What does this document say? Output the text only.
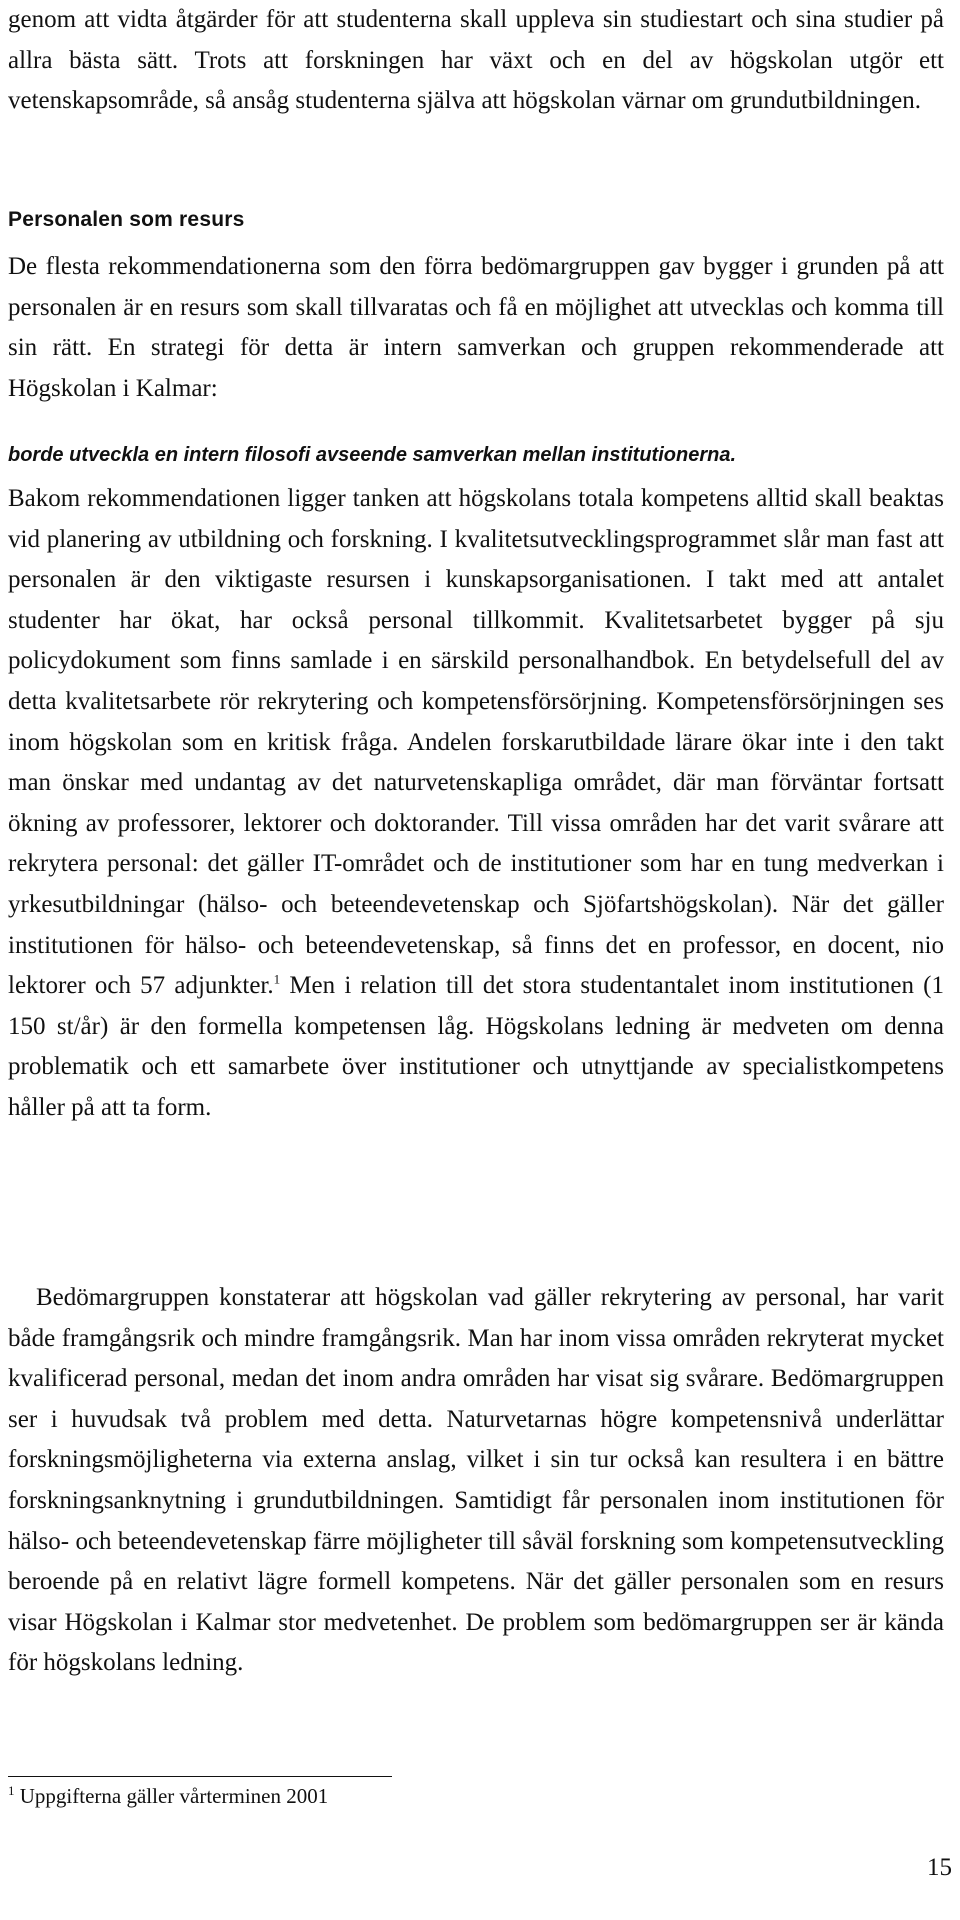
genom att vidta åtgärder för att studenterna skall uppleva sin studiestart och sina studier på allra bästa sätt. Trots att forskningen har växt och en del av högskolan utgör ett vetenskapsområde, så ansåg studenterna själva att högskolan värnar om grundutbildningen.

Personalen som resurs

De flesta rekommendationerna som den förra bedömargruppen gav bygger i grunden på att personalen är en resurs som skall tillvaratas och få en möjlighet att utvecklas och komma till sin rätt. En strategi för detta är intern samverkan och gruppen rekommenderade att Högskolan i Kalmar:

borde utveckla en intern filosofi avseende samverkan mellan institutionerna.

Bakom rekommendationen ligger tanken att högskolans totala kompetens alltid skall beaktas vid planering av utbildning och forskning. I kvalitetsutvecklingsprogrammet slår man fast att personalen är den viktigaste resursen i kunskapsorganisationen. I takt med att antalet studenter har ökat, har också personal tillkommit. Kvalitetsarbetet bygger på sju policydokument som finns samlade i en särskild personalhandbok. En betydelsefull del av detta kvalitetsarbete rör rekrytering och kompetensförsörjning. Kompetensförsörjningen ses inom högskolan som en kritisk fråga. Andelen forskarutbildade lärare ökar inte i den takt man önskar med undantag av det naturvetenskapliga området, där man förväntar fortsatt ökning av professorer, lektorer och doktorander. Till vissa områden har det varit svårare att rekrytera personal: det gäller IT-området och de institutioner som har en tung medverkan i yrkesutbildningar (hälso- och beteendevetenskap och Sjöfartshögskolan). När det gäller institutionen för hälso- och beteendevetenskap, så finns det en professor, en docent, nio lektorer och 57 adjunkter.$^1$ Men i relation till det stora studentantalet inom institutionen (1 150 st/år) är den formella kompetensen låg. Högskolans ledning är medveten om denna problematik och ett samarbete över institutioner och utnyttjande av specialistkompetens håller på att ta form.

Bedömargruppen konstaterar att högskolan vad gäller rekrytering av personal, har varit både framgångsrik och mindre framgångsrik. Man har inom vissa områden rekryterat mycket kvalificerad personal, medan det inom andra områden har visat sig svårare. Bedömargruppen ser i huvudsak två problem med detta. Naturvetarnas högre kompetensnivå underlättar forskningsmöjligheterna via externa anslag, vilket i sin tur också kan resultera i en bättre forskningsanknytning i grundutbildningen. Samtidigt får personalen inom institutionen för hälso- och beteendevetenskap färre möjligheter till såväl forskning som kompetensutveckling beroende på en relativt lägre formell kompetens. När det gäller personalen som en resurs visar Högskolan i Kalmar stor medvetenhet. De problem som bedömargruppen ser är kända för högskolans ledning.

$^1$ Uppgifterna gäller vårterminen 2001

15
